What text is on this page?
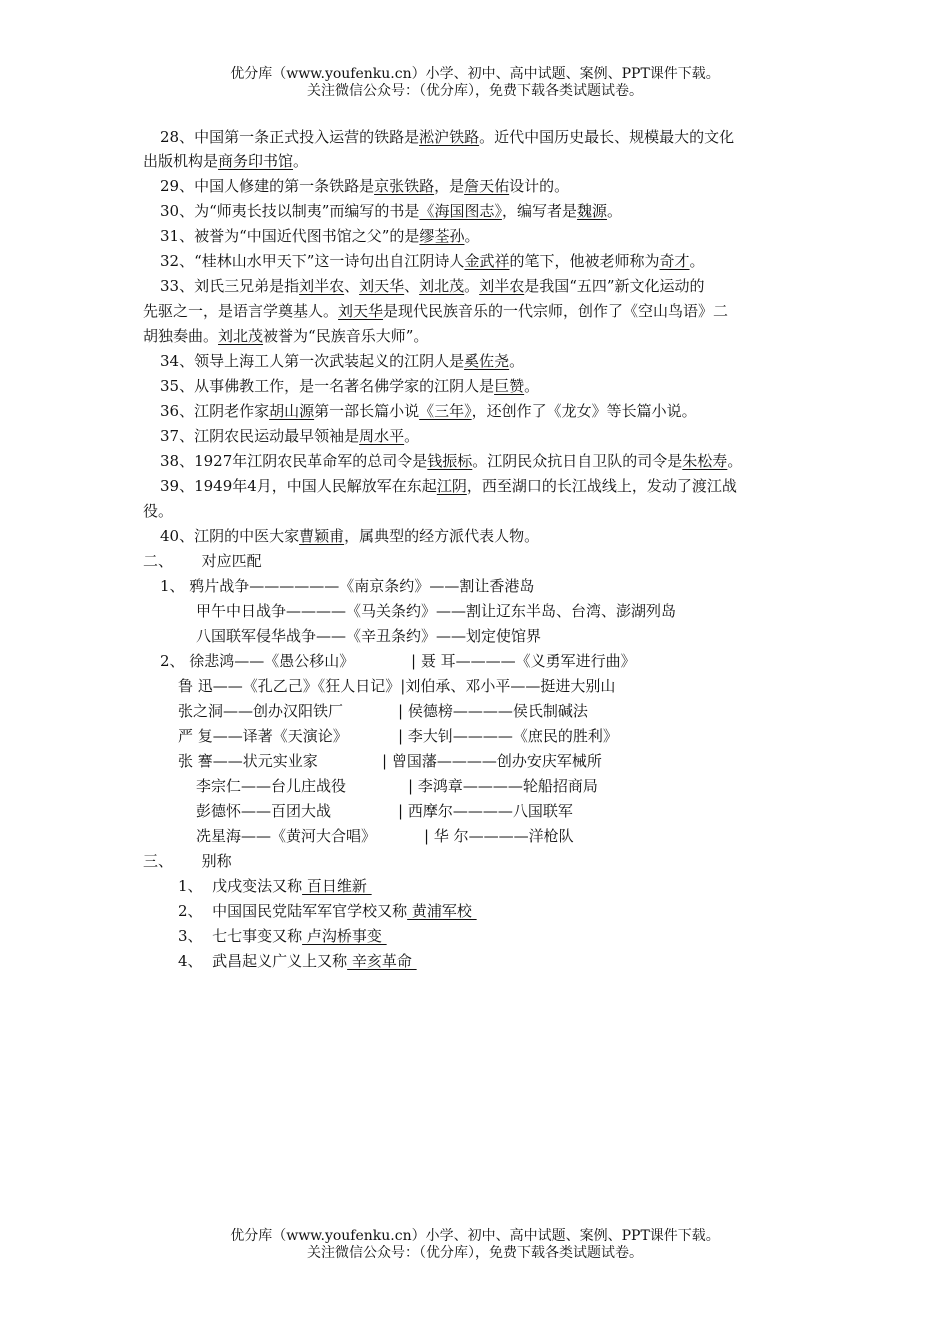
优分库（www.youfenku.cn）小学、初中、高中试题、案例、PPT课件下载。
关注微信公众号：（优分库），免费下载各类试题试卷。
28、中国第一条正式投入运营的铁路是淞沪铁路。近代中国历史最长、规模最大的文化
出版机构是商务印书馆。
29、中国人修建的第一条铁路是京张铁路，是詹天佑设计的。
30、为“师夷长技以制夷”而编写的书是《海国图志》，编写者是魏源。
31、被誉为“中国近代图书馆之父”的是缪荃孙。
32、“桂林山水甲天下”这一诗句出自江阴诗人金武祥的笔下，他被老师称为奇才。
33、刘氏三兄弟是指刘半农、刘天华、刘北茂。刘半农是我国“五四”新文化运动的
先驱之一，是语言学奠基人。刘天华是现代民族音乐的一代宗师，创作了《空山鸟语》二
胡独奏曲。刘北茂被誉为“民族音乐大师”。
34、领导上海工人第一次武装起义的江阴人是奚佐尧。
35、从事佛教工作，是一名著名佛学家的江阴人是巨赞。
36、江阴老作家胡山源第一部长篇小说《三年》，还创作了《龙女》等长篇小说。
37、江阴农民运动最早领袖是周水平。
38、1927年江阴农民革命军的总司令是钱振标。江阴民众抗日自卫队的司令是朱松寿。
39、1949年4月，中国人民解放军在东起江阴，西至湖口的长江战线上，发动了渡江战
役。
40、江阴的中医大家曹颖甫，属典型的经方派代表人物。
二、      对应匹配
1、 鸦片战争——————《南京条约》——割让香港岛
甲午中日战争————《马关条约》——割让辽东半岛、台湾、澎湖列岛
八国联军侵华战争——《辛丑条约》——划定使馆界
2、 徐悲鸿——《愚公移山》	| 聂 耳————《义勇军进行曲》
鲁 迅——《孔乙己》《狂人日记》|刘伯承、邓小平——挺进大别山
张之洞——创办汉阳铁厂	| 侯德榜————侯氏制碱法
严 复——译著《天演论》	| 李大钊————《庶民的胜利》
张 謇——状元实业家	| 曾国藩————创办安庆军械所
李宗仁——台儿庄战役	| 李鸿章————轮船招商局
彭德怀——百团大战	| 西摩尔————八国联军
冼星海——《黄河大合唱》	| 华 尔————洋枪队
三、      别称
1、  戊戌变法又称 百日维新
2、  中国国民党陆军军官学校又称 黄浦军校
3、  七七事变又称 卢沟桥事变
4、  武昌起义广义上又称 辛亥革命
优分库（www.youfenku.cn）小学、初中、高中试题、案例、PPT课件下载。
关注微信公众号：（优分库），免费下载各类试题试卷。
